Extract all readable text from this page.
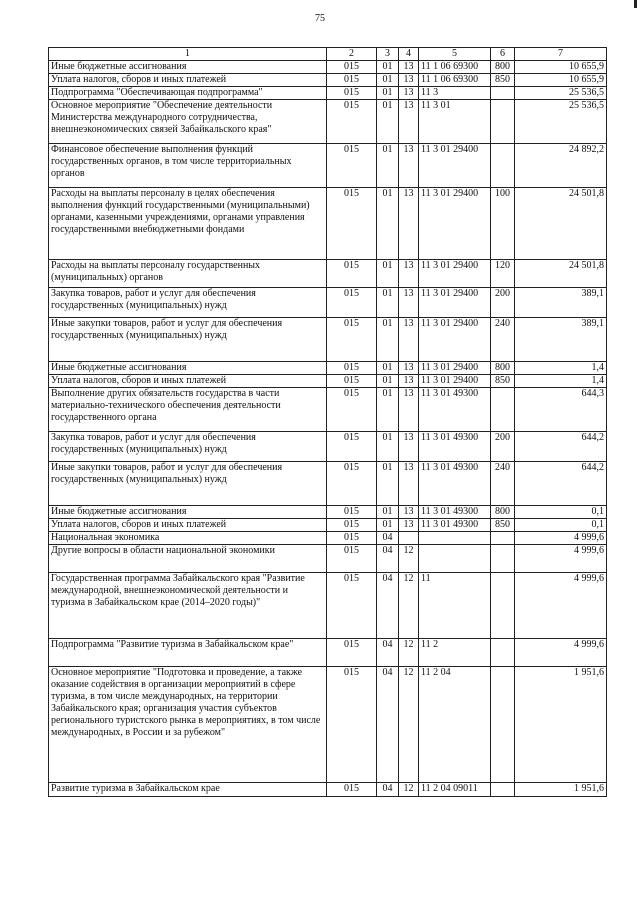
75
1	2	3	4	5	6	7
Иные бюджетные ассигнования	015	01	13	11 1 06 69300	800	10 655,9
Уплата налогов, сборов и иных платежей	015	01	13	11 1 06 69300	850	10 655,9
Подпрограмма "Обеспечивающая подпрограмма"	015	01	13	11 3		25 536,5
Основное мероприятие "Обеспечение деятельности Министерства международного сотрудничества, внешнеэкономических связей Забайкальского края"	015	01	13	11 3 01		25 536,5
Финансовое обеспечение выполнения функций государственных органов, в том числе территориальных органов	015	01	13	11 3 01 29400		24 892,2
Расходы на выплаты персоналу в целях обеспечения выполнения функций государственными (муниципальными) органами, казенными учреждениями, органами управления государственными внебюджетными фондами	015	01	13	11 3 01 29400	100	24 501,8
Расходы на выплаты персоналу государственных (муниципальных) органов	015	01	13	11 3 01 29400	120	24 501,8
Закупка товаров, работ и услуг для обеспечения государственных (муниципальных) нужд	015	01	13	11 3 01 29400	200	389,1
Иные закупки товаров, работ и услуг для обеспечения государственных (муниципальных) нужд	015	01	13	11 3 01 29400	240	389,1
Иные бюджетные ассигнования	015	01	13	11 3 01 29400	800	1,4
Уплата налогов, сборов и иных платежей	015	01	13	11 3 01 29400	850	1,4
Выполнение других обязательств государства в части материально-технического обеспечения деятельности государственного органа	015	01	13	11 3 01 49300		644,3
Закупка товаров, работ и услуг для обеспечения государственных (муниципальных) нужд	015	01	13	11 3 01 49300	200	644,2
Иные закупки товаров, работ и услуг для обеспечения государственных (муниципальных) нужд	015	01	13	11 3 01 49300	240	644,2
Иные бюджетные ассигнования	015	01	13	11 3 01 49300	800	0,1
Уплата налогов, сборов и иных платежей	015	01	13	11 3 01 49300	850	0,1
Национальная экономика	015	04				4 999,6
Другие вопросы в области национальной экономики	015	04	12			4 999,6
Государственная программа Забайкальского края "Развитие международной, внешнеэкономической деятельности и туризма в Забайкальском крае (2014–2020 годы)"	015	04	12	11		4 999,6
Подпрограмма "Развитие туризма в Забайкальском крае"	015	04	12	11 2		4 999,6
Основное мероприятие "Подготовка и проведение, а также оказание содействия в организации мероприятий в сфере туризма, в том числе международных, на территории Забайкальского края; организация участия субъектов регионального туристского рынка в мероприятиях, в том числе международных, в России и за рубежом"	015	04	12	11 2 04		1 951,6
Развитие туризма в Забайкальском крае	015	04	12	11 2 04 09011		1 951,6
